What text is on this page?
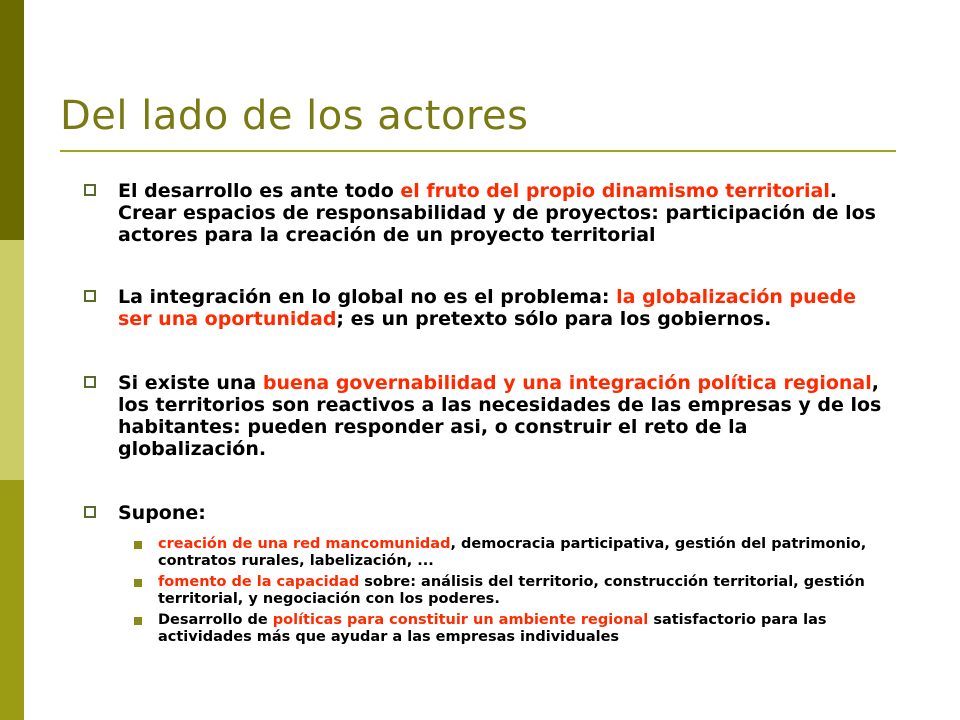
Del lado de los actores
El desarrollo es ante todo el fruto del propio dinamismo territorial. Crear espacios de responsabilidad y de proyectos: participación de los actores para la creación de un proyecto territorial
La integración en lo global no es el problema: la globalización puede ser una oportunidad; es un pretexto sólo para los gobiernos.
Si existe una buena governabilidad y una integración política regional, los territorios son reactivos a las necesidades de las empresas y de los habitantes: pueden responder asi, o construir el reto de la globalización.
Supone:
creación de una red mancomunidad, democracia participativa, gestión del patrimonio, contratos rurales, labelización, ...
fomento de la capacidad sobre: análisis del territorio, construcción territorial, gestión territorial, y negociación con los poderes.
Desarrollo de políticas para constituir un ambiente regional satisfactorio para las actividades más que ayudar a las empresas individuales
